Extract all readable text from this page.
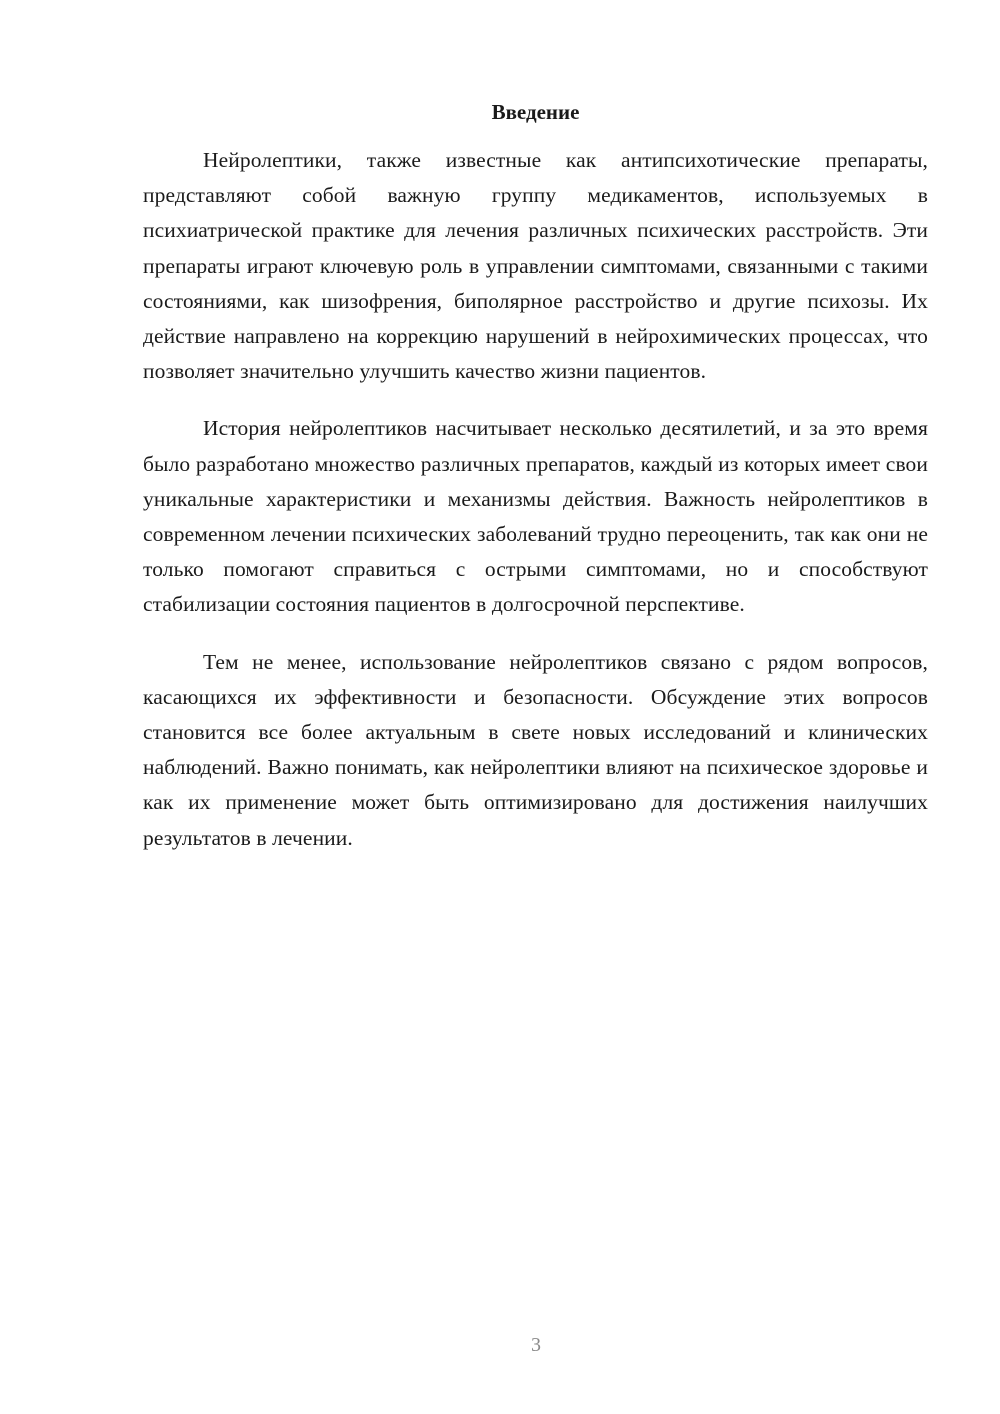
Введение

Нейролептики, также известные как антипсихотические препараты, представляют собой важную группу медикаментов, используемых в психиатрической практике для лечения различных психических расстройств. Эти препараты играют ключевую роль в управлении симптомами, связанными с такими состояниями, как шизофрения, биполярное расстройство и другие психозы. Их действие направлено на коррекцию нарушений в нейрохимических процессах, что позволяет значительно улучшить качество жизни пациентов.

История нейролептиков насчитывает несколько десятилетий, и за это время было разработано множество различных препаратов, каждый из которых имеет свои уникальные характеристики и механизмы действия. Важность нейролептиков в современном лечении психических заболеваний трудно переоценить, так как они не только помогают справиться с острыми симптомами, но и способствуют стабилизации состояния пациентов в долгосрочной перспективе.

Тем не менее, использование нейролептиков связано с рядом вопросов, касающихся их эффективности и безопасности. Обсуждение этих вопросов становится все более актуальным в свете новых исследований и клинических наблюдений. Важно понимать, как нейролептики влияют на психическое здоровье и как их применение может быть оптимизировано для достижения наилучших результатов в лечении.

3
